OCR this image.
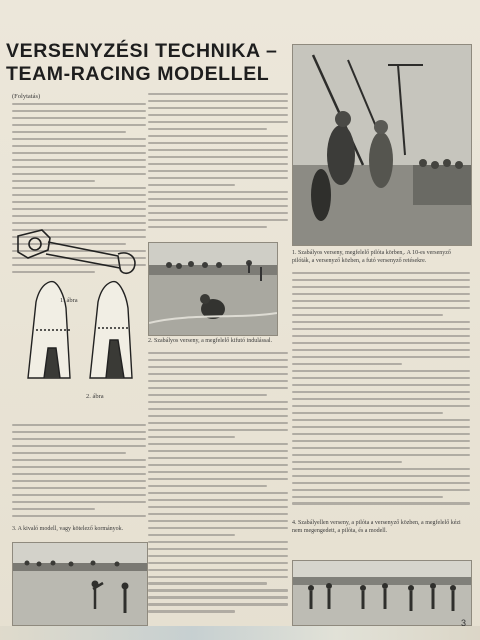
VERSENYZÉSI TECHNIKA –
TEAM-RACING MODELLEL
(Folytatás)
1. Szabályos verseny, megfelelő pilóta körben,. A 10-es versenyző pilóták, a versenyző közben, a futó versenyző retésekre.
1. ábra
2. ábra
2. Szabályos verseny, a megfelelő kifutó indulással.
3. A kivaló modell, vagy kötelező kormányok.
4. Szabályellen verseny, a pilóta a versenyző közben, a megfelelő kézi nem megengedett, a pilóta, és a modell.
3
